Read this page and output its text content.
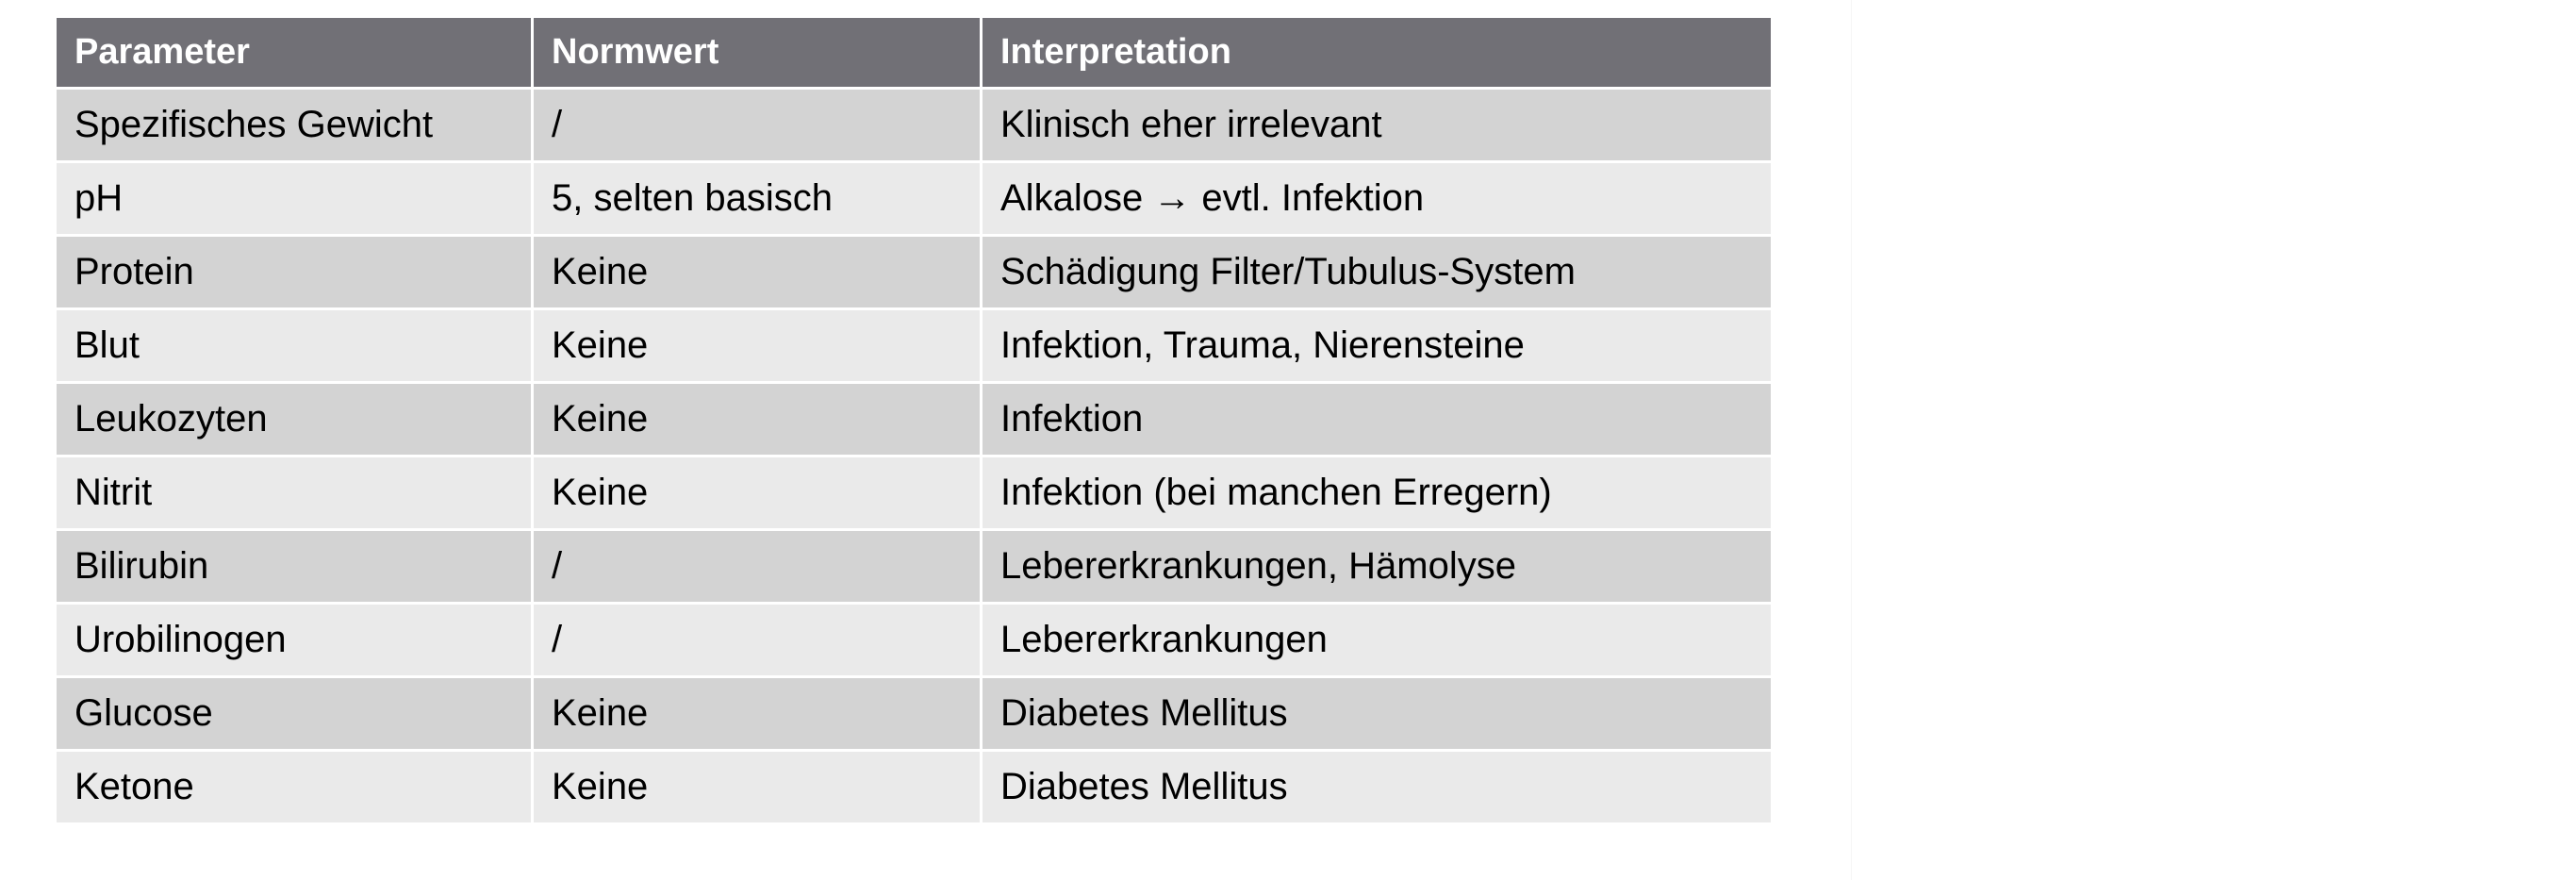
Parameter	Normwert	Interpretation
Spezifisches Gewicht	/	Klinisch eher irrelevant
pH	5, selten basisch	Alkalose → evtl. Infektion
Protein	Keine	Schädigung Filter/Tubulus-System
Blut	Keine	Infektion, Trauma, Nierensteine
Leukozyten	Keine	Infektion
Nitrit	Keine	Infektion (bei manchen Erregern)
Bilirubin	/	Lebererkrankungen, Hämolyse
Urobilinogen	/	Lebererkrankungen
Glucose	Keine	Diabetes Mellitus
Ketone	Keine	Diabetes Mellitus
